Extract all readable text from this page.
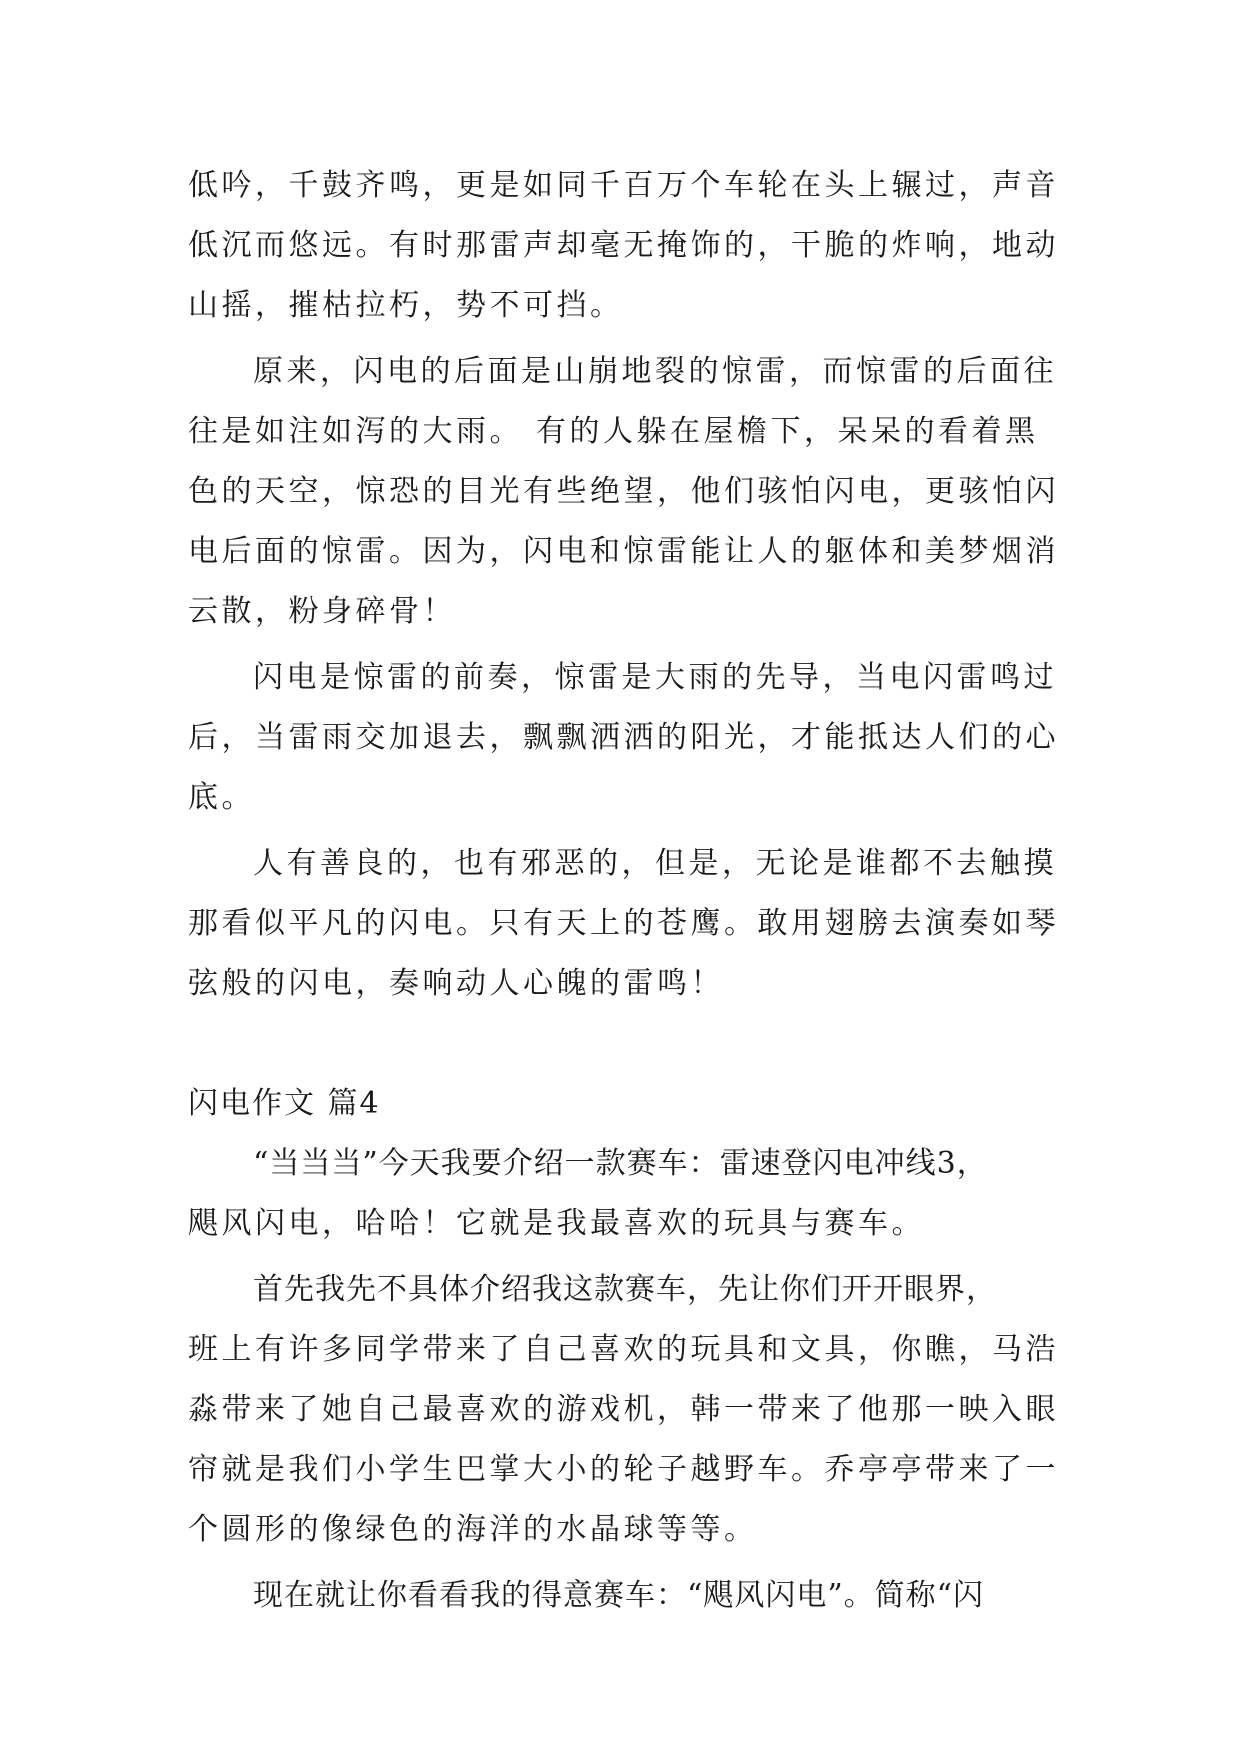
低吟，千鼓齐鸣，更是如同千百万个车轮在头上辗过，声音
低沉而悠远。有时那雷声却毫无掩饰的，干脆的炸响，地动
山摇，摧枯拉朽，势不可挡。
原来，闪电的后面是山崩地裂的惊雷，而惊雷的后面往
往是如注如泻的大雨。 有的人躲在屋檐下，呆呆的看着黑
色的天空，惊恐的目光有些绝望，他们骇怕闪电，更骇怕闪
电后面的惊雷。因为，闪电和惊雷能让人的躯体和美梦烟消
云散，粉身碎骨！
闪电是惊雷的前奏，惊雷是大雨的先导，当电闪雷鸣过
后，当雷雨交加退去，飘飘洒洒的阳光，才能抵达人们的心
底。
人有善良的，也有邪恶的，但是，无论是谁都不去触摸
那看似平凡的闪电。只有天上的苍鹰。敢用翅膀去演奏如琴
弦般的闪电，奏响动人心魄的雷鸣！
闪电作文 篇4
“当当当”今天我要介绍一款赛车：雷速登闪电冲线3，
飓风闪电，哈哈！它就是我最喜欢的玩具与赛车。
首先我先不具体介绍我这款赛车，先让你们开开眼界，
班上有许多同学带来了自己喜欢的玩具和文具，你瞧，马浩
淼带来了她自己最喜欢的游戏机，韩一带来了他那一映入眼
帘就是我们小学生巴掌大小的轮子越野车。乔亭亭带来了一
个圆形的像绿色的海洋的水晶球等等。
现在就让你看看我的得意赛车：“飓风闪电”。简称“闪
